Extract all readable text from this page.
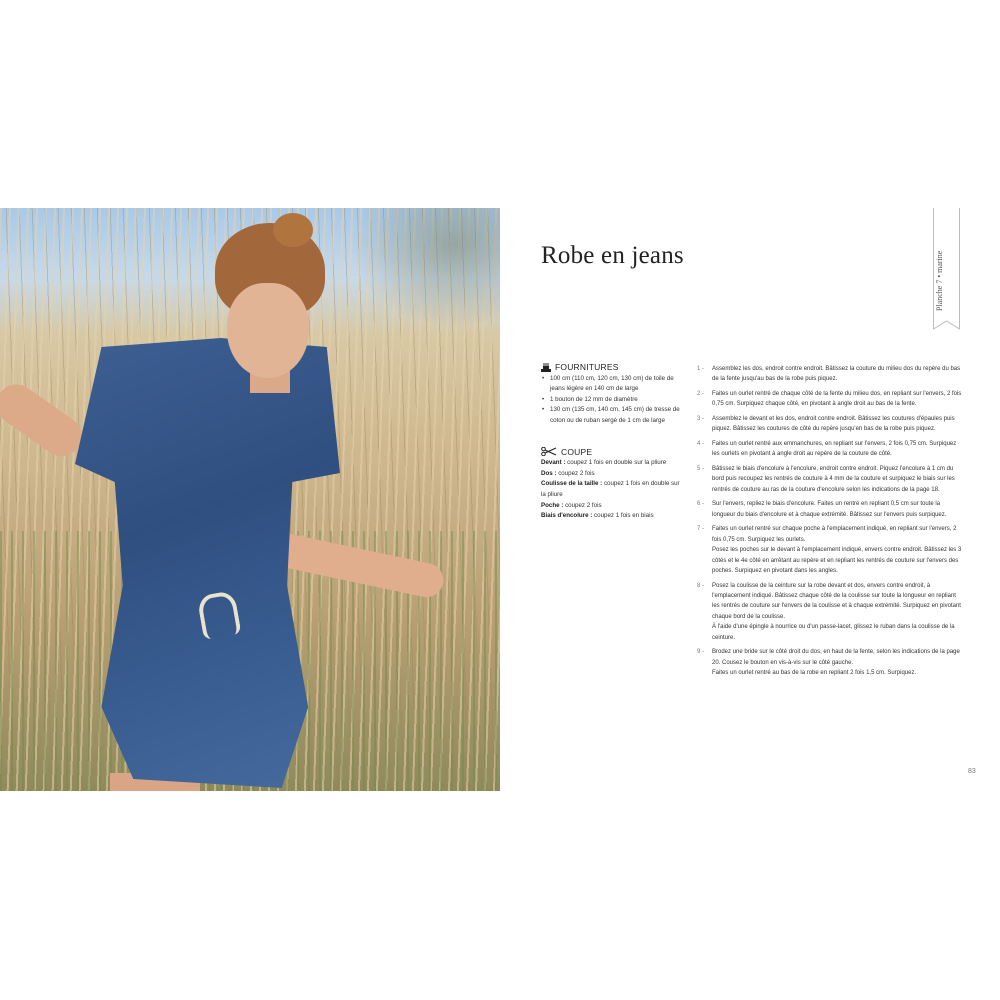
Robe en jeans	Planche 7 • marine
FOURNITURES
• 100 cm (110 cm, 120 cm, 130 cm) de toile de jeans légère en 140 cm de large
• 1 bouton de 12 mm de diamètre
• 130 cm (135 cm, 140 cm, 145 cm) de tresse de coton ou de ruban sergé de 1 cm de large
COUPE

Devant : coupez 1 fois en double sur la pliure

Dos : coupez 2 fois

Coulisse de la taille : coupez 1 fois en double sur la pliure

Poche : coupez 2 fois

Biais d'encolure : coupez 1 fois en biais

1 - Assemblez les dos, endroit contre endroit. Bâtissez la couture du milieu dos du repère du bas de la fente jusqu'au bas de la robe puis piquez.

2 - Faites un ourlet rentré de chaque côté de la fente du milieu dos, en repliant sur l'envers, 2 fois 0,75 cm. Surpiquez chaque côté, en pivotant à angle droit au bas de la fente.

3 - Assemblez le devant et les dos, endroit contre endroit. Bâtissez les coutures d'épaules puis piquez. Bâtissez les coutures de côté du repère jusqu'en bas de la robe puis piquez.

4 - Faites un ourlet rentré aux emmanchures, en repliant sur l'envers, 2 fois 0,75 cm. Surpiquez les ourlets en pivotant à angle droit au repère de la couture de côté.

5 - Bâtissez le biais d'encolure à l'encolure, endroit contre endroit. Piquez l'encolure à 1 cm du bord puis recoupez les rentrés de couture à 4 mm de la couture et surpiquez le biais sur les rentrés de couture au ras de la couture d'encolure selon les indications de la page 18.

6 - Sur l'envers, repliez le biais d'encolure. Faites un rentré en repliant 0,5 cm sur toute la longueur du biais d'encolure et à chaque extrémité. Bâtissez sur l'envers puis surpiquez.

7 - Faites un ourlet rentré sur chaque poche à l'emplacement indiqué, en repliant sur l'envers, 2 fois 0,75 cm. Surpiquez les ourlets.

Posez les poches sur le devant à l'emplacement indiqué, envers contre endroit. Bâtissez les 3 côtés et le 4e côté en arrêtant au repère et en repliant les rentrés de couture sur l'envers des poches. Surpiquez en pivotant dans les angles.

8 - Posez la coulisse de la ceinture sur la robe devant et dos, envers contre endroit, à l'emplacement indiqué. Bâtissez chaque côté de la coulisse sur toute la longueur en repliant les rentrés de couture sur l'envers de la coulisse et à chaque extrémité. Surpiquez en pivotant chaque bord de la coulisse.

À l'aide d'une épingle à nourrice ou d'un passe-lacet, glissez le ruban dans la coulisse de la ceinture.

9 - Brodez une bride sur le côté droit du dos, en haut de la fente, selon les indications de la page 20. Cousez le bouton en vis-à-vis sur le côté gauche.

Faites un ourlet rentré au bas de la robe en repliant 2 fois 1,5 cm. Surpiquez.

83
